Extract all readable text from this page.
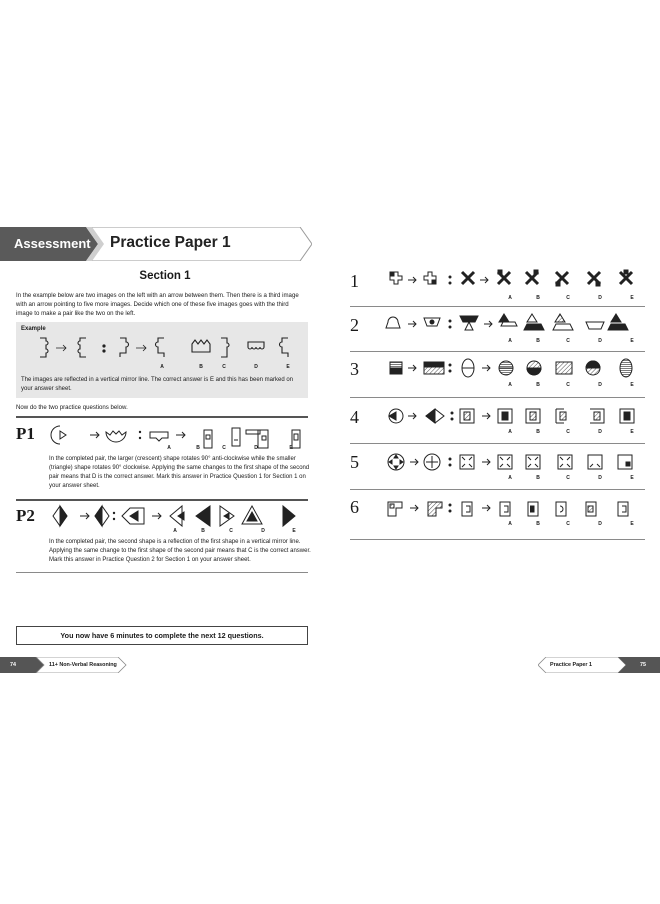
Assessment Practice Paper 1
Section 1
In the example below are two images on the left with an arrow between them. Then there is a third image with an arrow pointing to five more images. Decide which one of these five images goes with the third image to make a pair like the two on the left.
Example
A	B	C	D	E
The images are reflected in a vertical mirror line. The correct answer is E and this has been marked on your answer sheet.
Now do the two practice questions below.
P1
A	B	C	D	E
In the completed pair, the larger (crescent) shape rotates 90° anti-clockwise while the smaller (triangle) shape rotates 90° clockwise. Applying the same changes to the first shape of the second pair means that D is the correct answer. Mark this answer in Practice Question 1 for Section 1 on your answer sheet.
P2
A	B	C	D	E
In the completed pair, the second shape is a reflection of the first shape in a vertical mirror line. Applying the same change to the first shape of the second pair means that C is the correct answer. Mark this answer in Practice Question 2 for Section 1 on your answer sheet.
You now have 6 minutes to complete the next 12 questions.
74	11+ Non-Verbal Reasoning
1
2
3
4
5
6
A	B	C	D	E
A	B	C	D	E
A	B	C	D	E
A	B	C	D	E
A	B	C	D	E
A	B	C	D	E
Practice Paper 1	75
